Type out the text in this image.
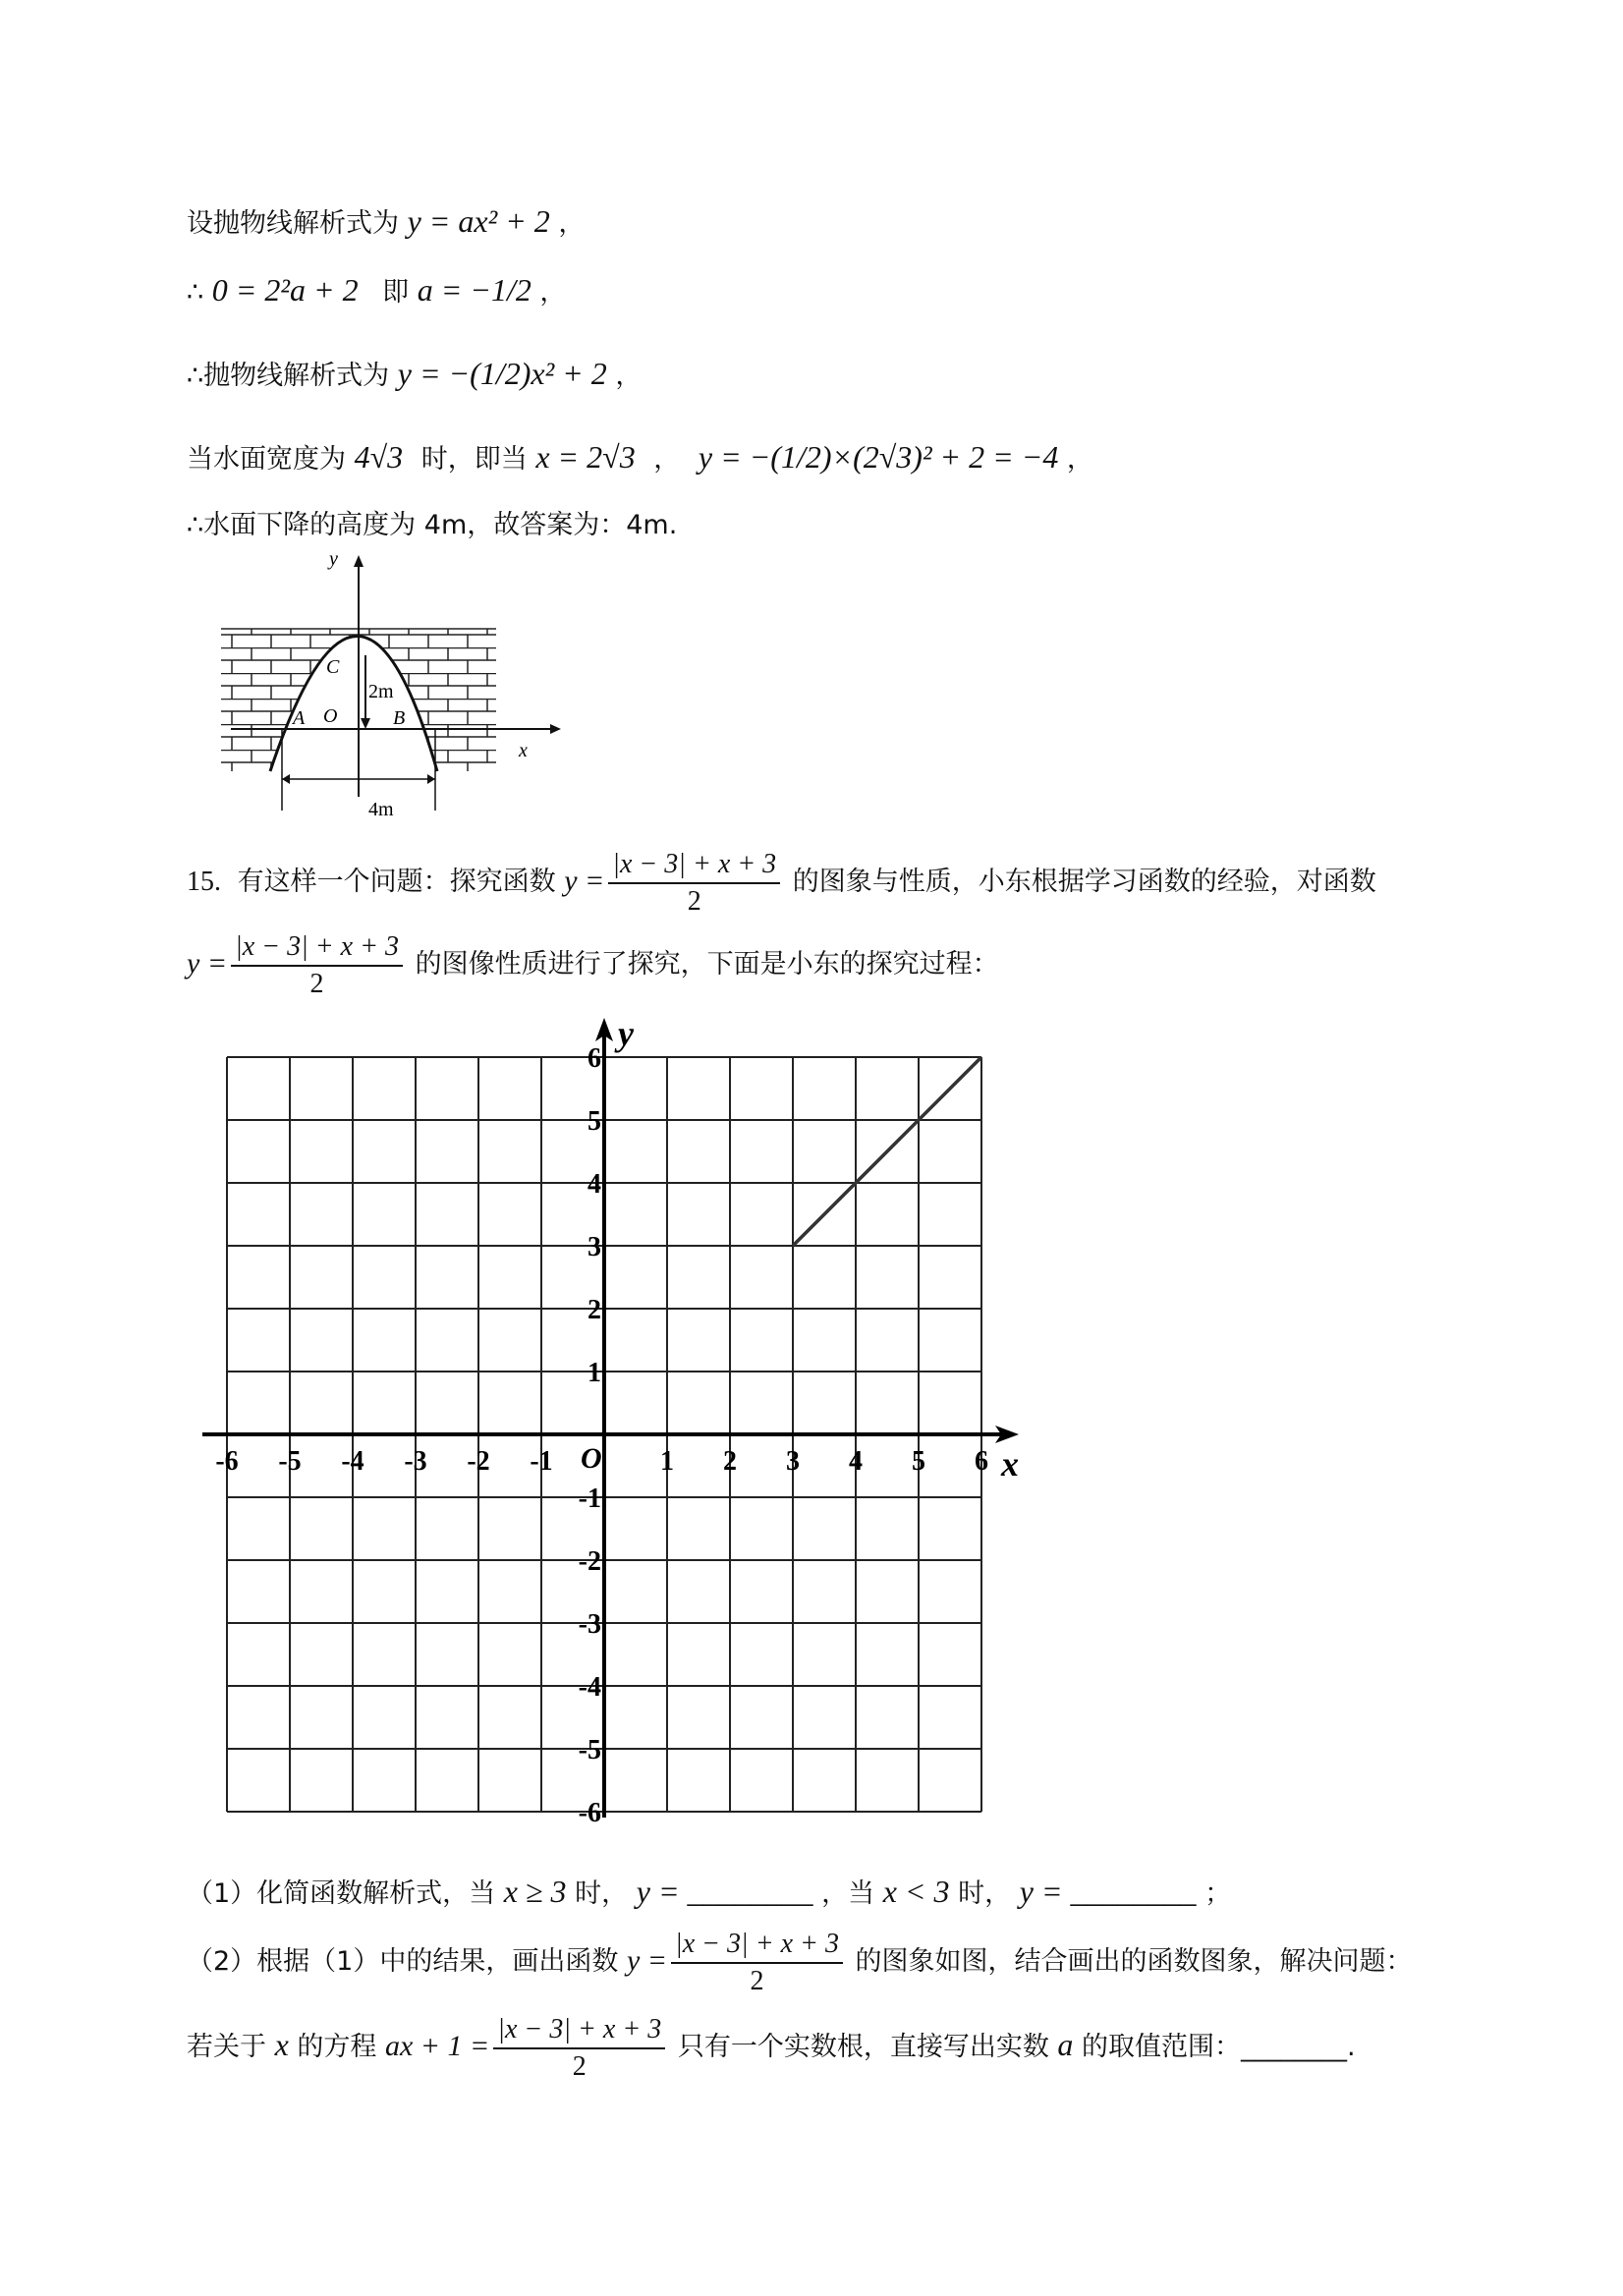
设抛物线解析式为 y = ax² + 2 ，
∴ 0 = 2²a + 2 即 a = −1/2 ，
∴抛物线解析式为 y = −(1/2)x² + 2 ，
当水面宽度为 4√3 时，即当 x = 2√3 ， y = −(1/2)×(2√3)² + 2 = −4 ，
∴水面下降的高度为 4m，故答案为：4m.
y
x
A O	B
C
2m
4m
15. 有这样一个问题：探究函数 $y = \frac{|x - 3| + x + 3}{2}$ 的图象与性质，小东根据学习函数的经验，对函数
$y = \frac{|x - 3| + x + 3}{2}$ 的图像性质进行了探究，下面是小东的探究过程：
x
y
O
-6 -5 -4 -3 -2 -1	1 2 3 4 5 6
6
5
4
3
2
1
-1
-2
-3
-4
-5
-6
（1）化简函数解析式，当 x ≥ 3 时， y = ________ ，当 x < 3 时， y = ________ ；
（2）根据（1）中的结果，画出函数 $y = \frac{|x - 3| + x + 3}{2}$ 的图象如图，结合画出的函数图象，解决问题：
若关于 x 的方程 ax + $1 = \frac{|x - 3| + x + 3}{2}$ 只有一个实数根，直接写出实数 a 的取值范围：________.
